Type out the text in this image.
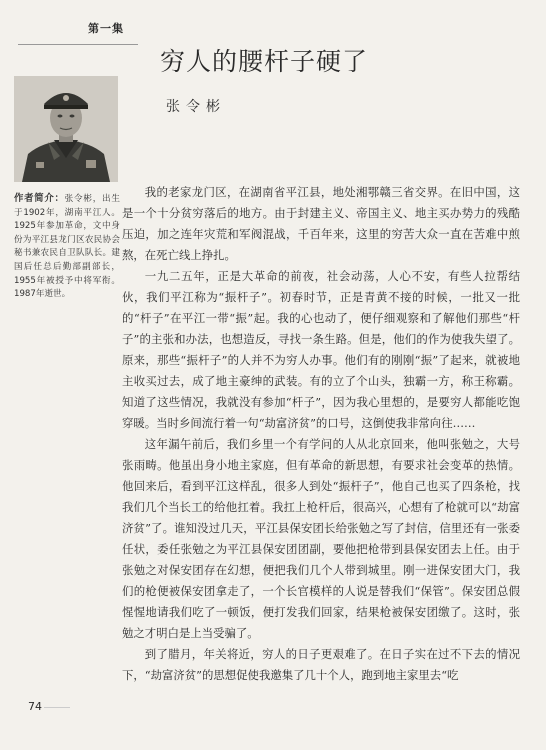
第一集
穷人的腰杆子硬了
张令彬
作者简介：张令彬，出生于1902年，湖南平江人。1925年参加革命，文中身份为平江县龙门区农民协会秘书兼农民自卫队队长。建国后任总后勤部副部长，1955年被授予中将军衔。1987年逝世。

我的老家龙门区，在湖南省平江县，地处湘鄂赣三省交界。在旧中国，这是一个十分贫穷落后的地方。由于封建主义、帝国主义、地主买办势力的残酷压迫，加之连年灾荒和军阀混战，千百年来，这里的穷苦大众一直在苦难中煎熬，在死亡线上挣扎。

一九二五年，正是大革命的前夜，社会动荡，人心不安，有些人拉帮结伙，我们平江称为“振杆子”。初春时节，正是青黄不接的时候，一批又一批的“杆子”在平江一带“振”起。我的心也动了，便仔细观察和了解他们那些“杆子”的主张和办法，也想造反，寻找一条生路。但是，他们的作为使我失望了。原来，那些“振杆子”的人并不为穷人办事。他们有的刚刚“振”了起来，就被地主收买过去，成了地主豪绅的武装。有的立了个山头，独霸一方，称王称霸。知道了这些情况，我就没有参加“杆子”，因为我心里想的，是要穷人都能吃饱穿暖。当时乡间流行着一句“劫富济贫”的口号，这倒使我非常向往……

这年漏午前后，我们乡里一个有学问的人从北京回来，他叫张勉之，大号张雨畴。他虽出身小地主家庭，但有革命的新思想，有要求社会变革的热情。他回来后，看到平江这样乱，很多人到处“振杆子”，他自己也买了四条枪，找我们几个当长工的给他扛着。我扛上枪杆后，很高兴，心想有了枪就可以“劫富济贫”了。谁知没过几天，平江县保安团长给张勉之写了封信，信里还有一张委任状，委任张勉之为平江县保安团团副，要他把枪带到县保安团去上任。由于张勉之对保安团存在幻想，便把我们几个人带到城里。刚一进保安团大门，我们的枪便被保安团拿走了，一个长官模样的人说是替我们“保管”。保安团总假惺惺地请我们吃了一顿饭，便打发我们回家，结果枪被保安团缴了。这时，张勉之才明白是上当受骗了。

到了腊月，年关将近，穷人的日子更艰难了。在日子实在过不下去的情况下，“劫富济贫”的思想促使我邀集了几十个人，跑到地主家里去“吃

74
